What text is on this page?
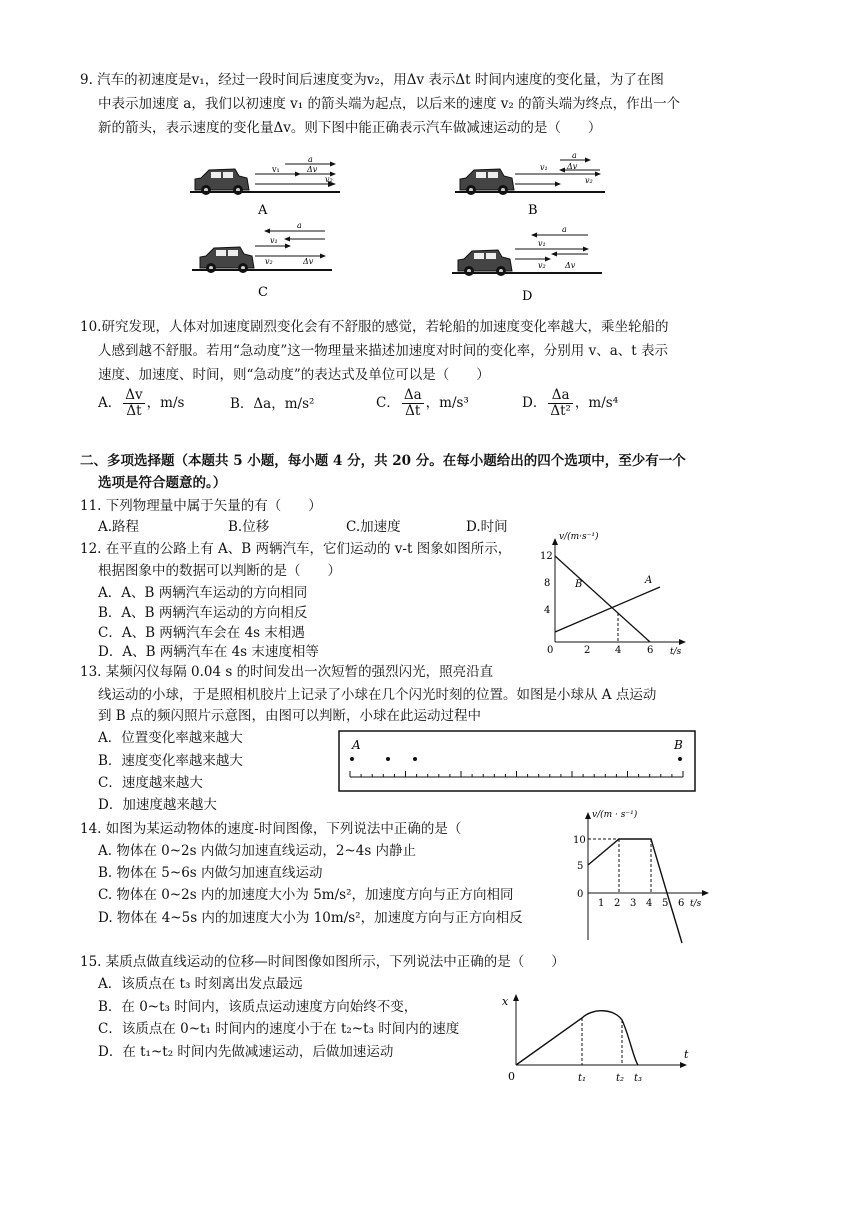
9. 汽车的初速度是v₁，经过一段时间后速度变为v₂，用Δv 表示Δt 时间内速度的变化量，为了在图
中表示加速度 a，我们以初速度 v₁ 的箭头端为起点，以后来的速度 v₂ 的箭头端为终点，作出一个
新的箭头，表示速度的变化量Δv。则下图中能正确表示汽车做减速运动的是（　　）
v₁	Δv
v₂
a
A
v₁ Δv
v₂
a
B
v₁
v₂	Δv
a
C
v₁
v₂ Δv
a
D
10.研究发现，人体对加速度剧烈变化会有不舒服的感觉，若轮船的加速度变化率越大，乘坐轮船的
人感到越不舒服。若用“急动度”这一物理量来描述加速度对时间的变化率，分别用 v、a、t 表示
速度、加速度、时间，则“急动度”的表达式及单位可以是（　　）
A． $\frac{\Delta v}{\Delta t}$ ，m/s	B．Δa，m/s²	C． $\frac{\Delta a}{\Delta t}$ ，m/s³	D． $\frac{\Delta a}{\text{Δt²}}$ ，m/s⁴
二、多项选择题（本题共 5 小题，每小题 4 分，共 20 分。在每小题给出的四个选项中，至少有一个
选项是符合题意的。）
11. 下列物理量中属于矢量的有（　　）
A.路程	B.位移	C.加速度	D.时间
12. 在平直的公路上有 A、B 两辆汽车，它们运动的 v-t 图象如图所示，
根据图象中的数据可以判断的是（　　）
A．A、B 两辆汽车运动的方向相同
B．A、B 两辆汽车运动的方向相反
C．A、B 两辆汽车会在 4s 末相遇
D．A、B 两辆汽车在 4s 末速度相等
v/(m·s⁻¹)
t/s
12
8
4
0	2 4	6
B	A
13. 某频闪仪每隔 0.04 s 的时间发出一次短暂的强烈闪光，照亮沿直
线运动的小球，于是照相机胶片上记录了小球在几个闪光时刻的位置。如图是小球从 A 点运动
到 B 点的频闪照片示意图，由图可以判断，小球在此运动过程中
A．位置变化率越来越大
B．速度变化率越来越大
C．速度越来越大
D．加速度越来越大
A	B
14. 如图为某运动物体的速度-时间图像，下列说法中正确的是（
A. 物体在 0~2s 内做匀加速直线运动，2~4s 内静止
B. 物体在 5~6s 内做匀加速直线运动
C. 物体在 0~2s 内的加速度大小为 5m/s²，加速度方向与正方向相同
D. 物体在 4~5s 内的加速度大小为 10m/s²，加速度方向与正方向相反
v/(m · s⁻¹)
t/s
10
5
0
1 2 3 4 5 6
15. 某质点做直线运动的位移—时间图像如图所示，下列说法中正确的是（　　）
A．该质点在 t₃ 时刻离出发点最远
B．在 0~t₃ 时间内，该质点运动速度方向始终不变，
C．该质点在 0~t₁ 时间内的速度小于在 t₂~t₃ 时间内的速度
D．在 t₁~t₂ 时间内先做减速运动，后做加速运动
x
t
0	t₁	t₂ t₃
